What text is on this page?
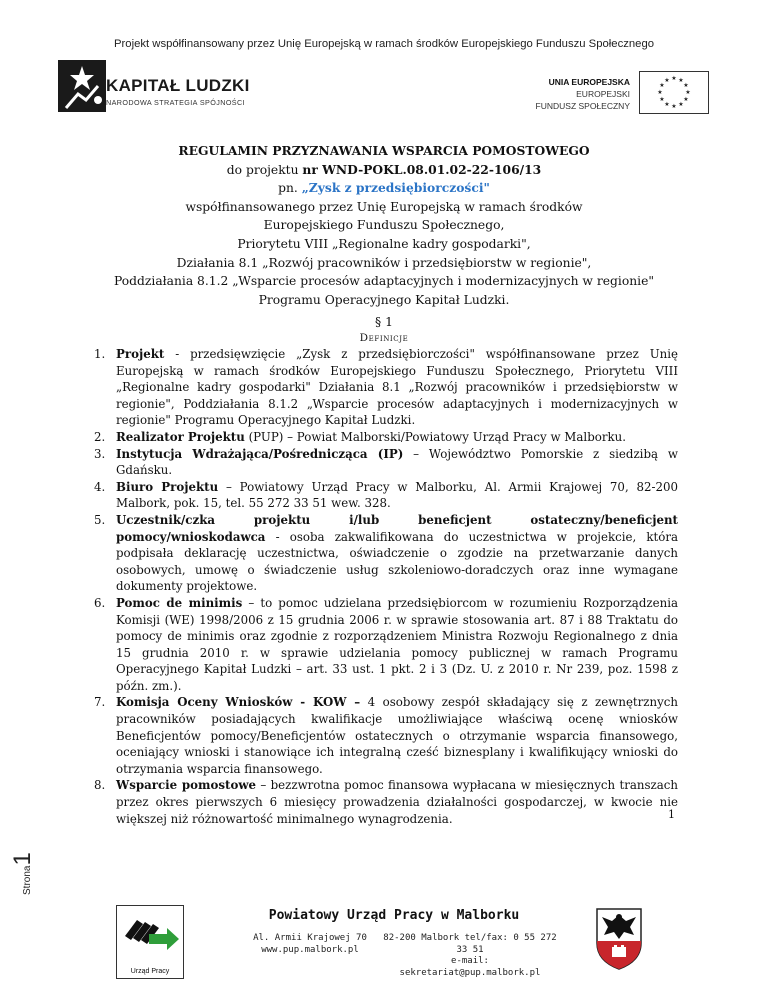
Projekt współfinansowany przez Unię Europejską w ramach środków Europejskiego Funduszu Społecznego
KAPITAŁ LUDZKI
NARODOWA STRATEGIA SPÓJNOŚCI
UNIA EUROPEJSKA
EUROPEJSKI
FUNDUSZ SPOŁECZNY
★ ★
★
★
★
★
★
★
★
★
★
★
REGULAMIN PRZYZNAWANIA WSPARCIA POMOSTOWEGO
do projektu nr WND-POKL.08.01.02-22-106/13
pn. „Zysk z przedsiębiorczości"
współfinansowanego przez Unię Europejską w ramach środków
Europejskiego Funduszu Społecznego,
Priorytetu VIII „Regionalne kadry gospodarki",
Działania 8.1 „Rozwój pracowników i przedsiębiorstw w regionie",
Poddziałania 8.1.2 „Wsparcie procesów adaptacyjnych i modernizacyjnych w regionie"
Programu Operacyjnego Kapitał Ludzki.
§ 1
Definicje
1. Projekt - przedsięwzięcie „Zysk z przedsiębiorczości" współfinansowane przez Unię Europejską w ramach środków Europejskiego Funduszu Społecznego, Priorytetu VIII „Regionalne kadry gospodarki" Działania 8.1 „Rozwój pracowników i przedsiębiorstw w regionie", Poddziałania 8.1.2 „Wsparcie procesów adaptacyjnych i modernizacyjnych w regionie" Programu Operacyjnego Kapitał Ludzki.
2. Realizator Projektu (PUP) – Powiat Malborski/Powiatowy Urząd Pracy w Malborku.
3. Instytucja Wdrażająca/Pośrednicząca (IP) – Województwo Pomorskie z siedzibą w Gdańsku.
4. Biuro Projektu – Powiatowy Urząd Pracy w Malborku, Al. Armii Krajowej 70, 82-200 Malbork, pok. 15, tel. 55 272 33 51 wew. 328.
5. Uczestnik/czka projektu i/lub beneficjent ostateczny/beneficjent pomocy/wnioskodawca - osoba zakwalifikowana do uczestnictwa w projekcie, która podpisała deklarację uczestnictwa, oświadczenie o zgodzie na przetwarzanie danych osobowych, umowę o świadczenie usług szkoleniowo-doradczych oraz inne wymagane dokumenty projektowe.
6. Pomoc de minimis – to pomoc udzielana przedsiębiorcom w rozumieniu Rozporządzenia Komisji (WE) 1998/2006 z 15 grudnia 2006 r. w sprawie stosowania art. 87 i 88 Traktatu do pomocy de minimis oraz zgodnie z rozporządzeniem Ministra Rozwoju Regionalnego z dnia 15 grudnia 2010 r. w sprawie udzielania pomocy publicznej w ramach Programu Operacyjnego Kapitał Ludzki – art. 33 ust. 1 pkt. 2 i 3 (Dz. U. z 2010 r. Nr 239, poz. 1598 z późn. zm.).
7. Komisja Oceny Wniosków - KOW – 4 osobowy zespół składający się z zewnętrznych pracowników posiadających kwalifikacje umożliwiające właściwą ocenę wniosków Beneficjentów pomocy/Beneficjentów ostatecznych o otrzymanie wsparcia finansowego, oceniający wnioski i stanowiące ich integralną cześć biznesplany i kwalifikujący wnioski do otrzymania wsparcia finansowego.
8. Wsparcie pomostowe – bezzwrotna pomoc finansowa wypłacana w miesięcznych transzach przez okres pierwszych 6 miesięcy prowadzenia działalności gospodarczej, w kwocie nie większej niż różnowartość minimalnego wynagrodzenia.
Strona1
1
Urząd Pracy
Powiatowy Urząd Pracy w Malborku
Al. Armii Krajowej 70
www.pup.malbork.pl
82-200 Malbork tel/fax: 0 55 272 33 51
e-mail: sekretariat@pup.malbork.pl
